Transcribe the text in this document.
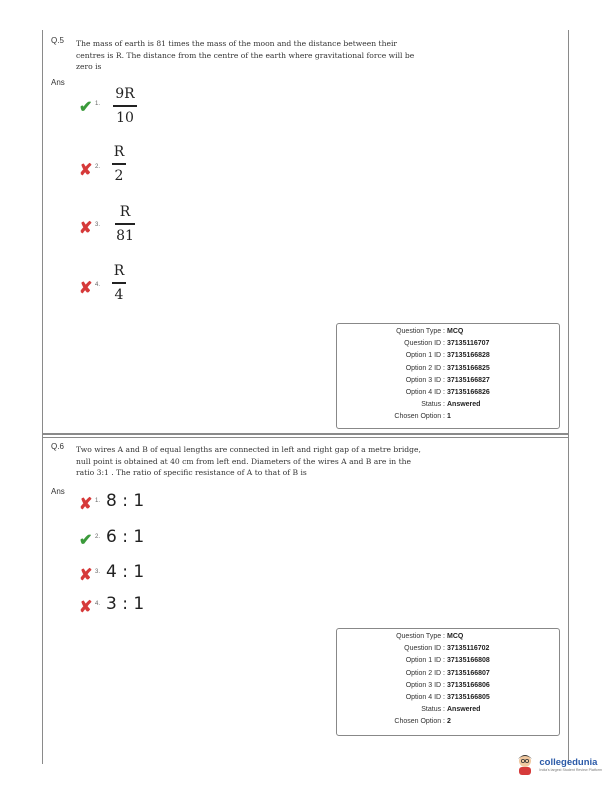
Q.5 The mass of earth is 81 times the mass of the moon and the distance between their
centres is R. The distance from the centre of the earth where gravitational force will be
zero is
Ans
✔ 1.
9R
10
✘ 2.
R
2
✘ 3.
R
81
✘ 4.
R
4
Question Type : MCQ
Question ID : 37135116707
Option 1 ID : 37135166828
Option 2 ID : 37135166825
Option 3 ID : 37135166827
Option 4 ID : 37135166826
Status : Answered
Chosen Option : 1
Q.6 Two wires A and B of equal lengths are connected in left and right gap of a metre bridge,
null point is obtained at 40 cm from left end. Diameters of the wires A and B are in the
ratio 3:1 . The ratio of specific resistance of A to that of B is
Ans
✘ 1. 8 : 1
✔ 2. 6 : 1
✘ 3. 4 : 1
✘ 4. 3 : 1
Question Type : MCQ
Question ID : 37135116702
Option 1 ID : 37135166808
Option 2 ID : 37135166807
Option 3 ID : 37135166806
Option 4 ID : 37135166805
Status : Answered
Chosen Option : 2
collegedunia
India's largest Student Review Platform
